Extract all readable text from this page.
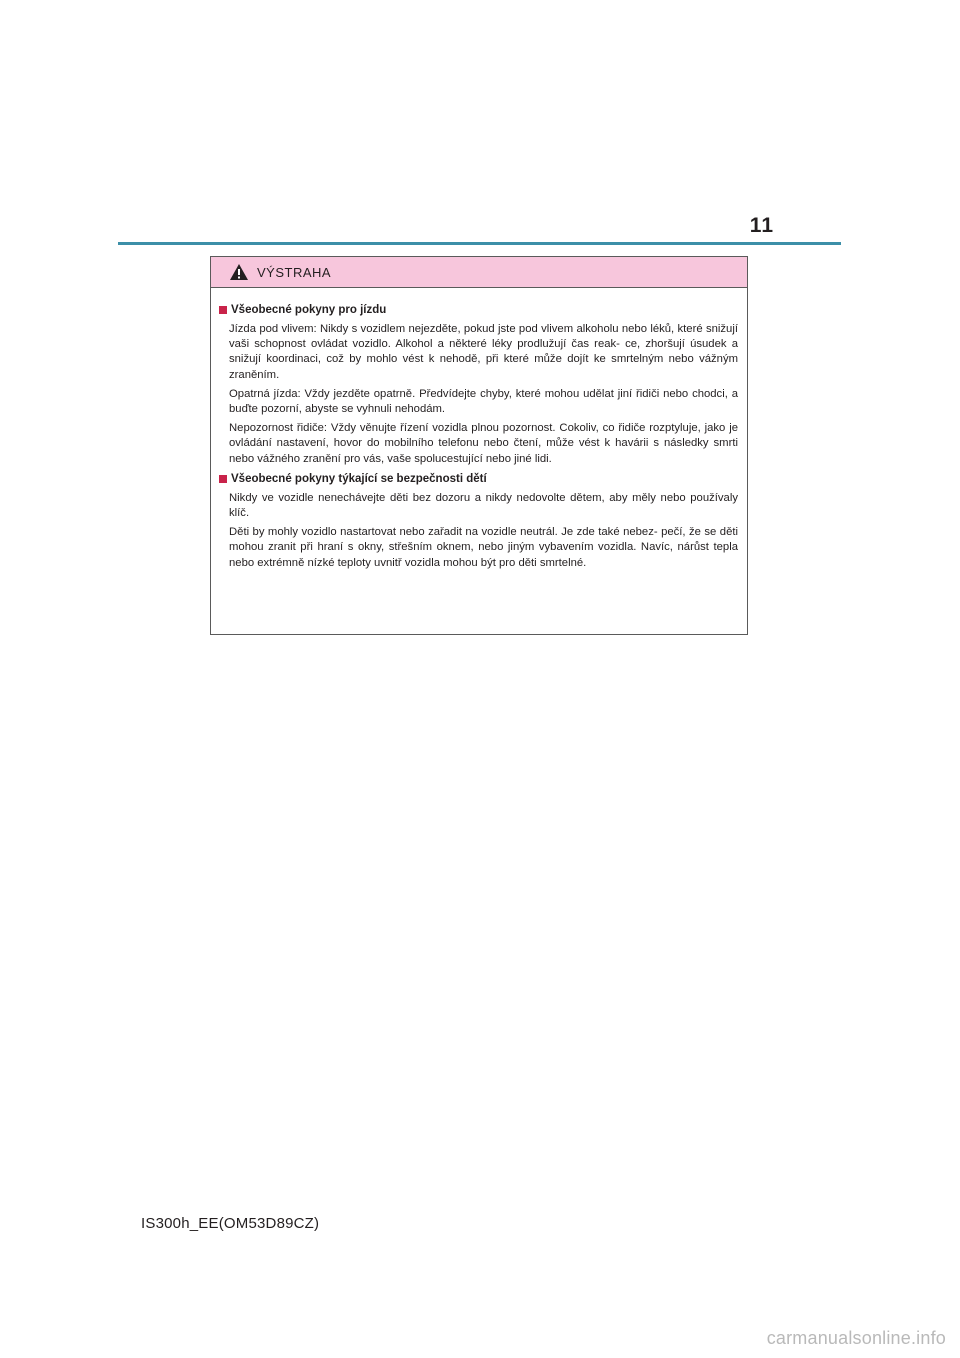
11
VÝSTRAHA
Všeobecné pokyny pro jízdu

Jízda pod vlivem: Nikdy s vozidlem nejezděte, pokud jste pod vlivem alkoholu nebo léků, které snižují vaši schopnost ovládat vozidlo. Alkohol a některé léky prodlužují čas reak- ce, zhoršují úsudek a snižují koordinaci, což by mohlo vést k nehodě, při které může dojít ke smrtelným nebo vážným zraněním.

Opatrná jízda: Vždy jezděte opatrně. Předvídejte chyby, které mohou udělat jiní řidiči nebo chodci, a buďte pozorní, abyste se vyhnuli nehodám.

Nepozornost řidiče: Vždy věnujte řízení vozidla plnou pozornost. Cokoliv, co řidiče rozptyluje, jako je ovládání nastavení, hovor do mobilního telefonu nebo čtení, může vést k havárii s následky smrti nebo vážného zranění pro vás, vaše spolucestující nebo jiné lidi.

Všeobecné pokyny týkající se bezpečnosti dětí

Nikdy ve vozidle nenechávejte děti bez dozoru a nikdy nedovolte dětem, aby měly nebo používaly klíč.

Děti by mohly vozidlo nastartovat nebo zařadit na vozidle neutrál. Je zde také nebez- pečí, že se děti mohou zranit při hraní s okny, střešním oknem, nebo jiným vybavením vozidla. Navíc, nárůst tepla nebo extrémně nízké teploty uvnitř vozidla mohou být pro děti smrtelné.

IS300h_EE(OM53D89CZ)
carmanualsonline.info
